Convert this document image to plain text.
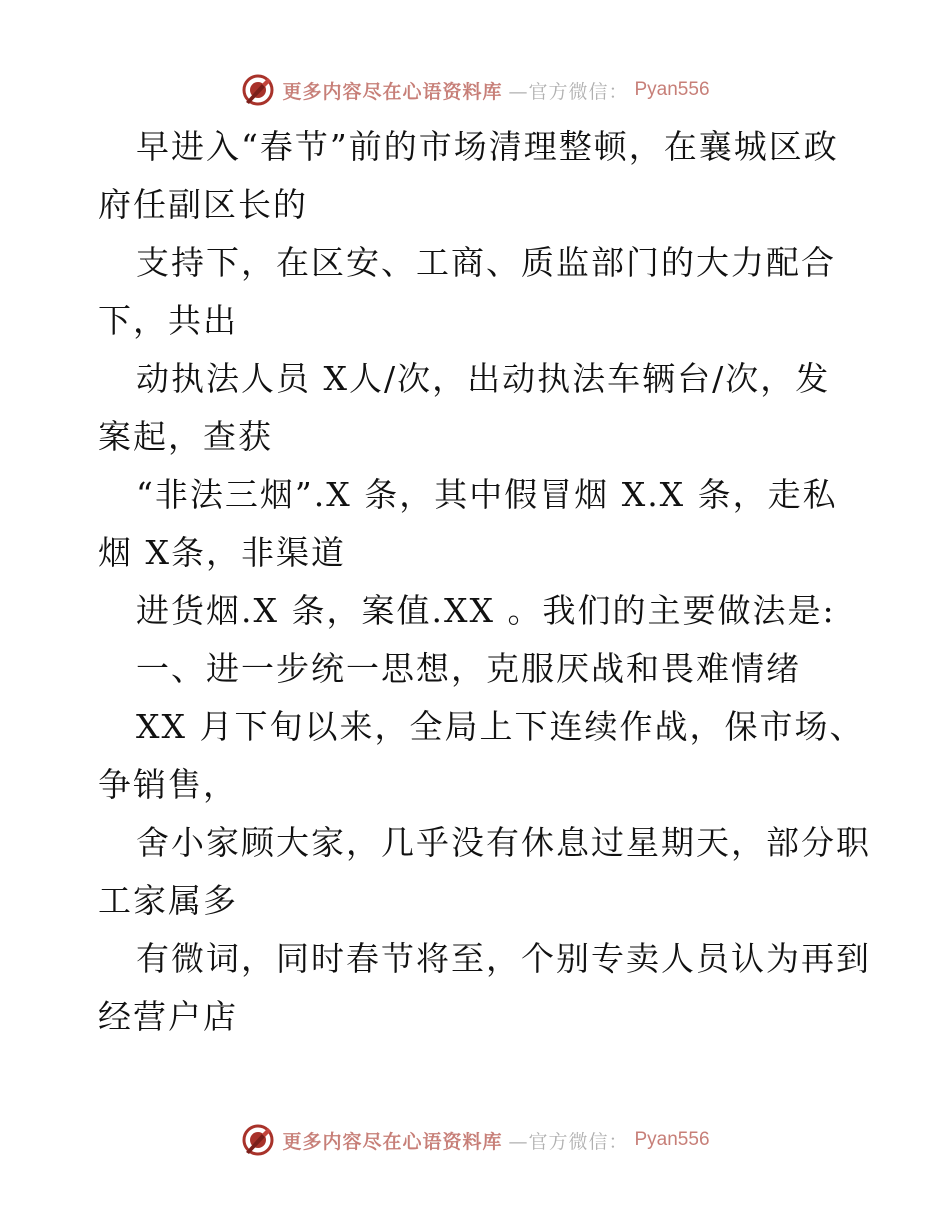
更多内容尽在心语资料库 —官方微信： Pyan556
早进入“春节”前的市场清理整顿，在襄城区政
府任副区长的
支持下，在区安、工商、质监部门的大力配合
下，共出
动执法人员 X人/次，出动执法车辆台/次，发
案起，查获
“非法三烟”.X 条，其中假冒烟 X.X 条，走私
烟 X条，非渠道
进货烟.X 条，案值.XX 。我们的主要做法是:
一、进一步统一思想，克服厌战和畏难情绪
XX 月下旬以来，全局上下连续作战，保市场、
争销售，
舍小家顾大家，几乎没有休息过星期天，部分职
工家属多
有微词，同时春节将至，个别专卖人员认为再到
经营户店
更多内容尽在心语资料库 —官方微信： Pyan556
